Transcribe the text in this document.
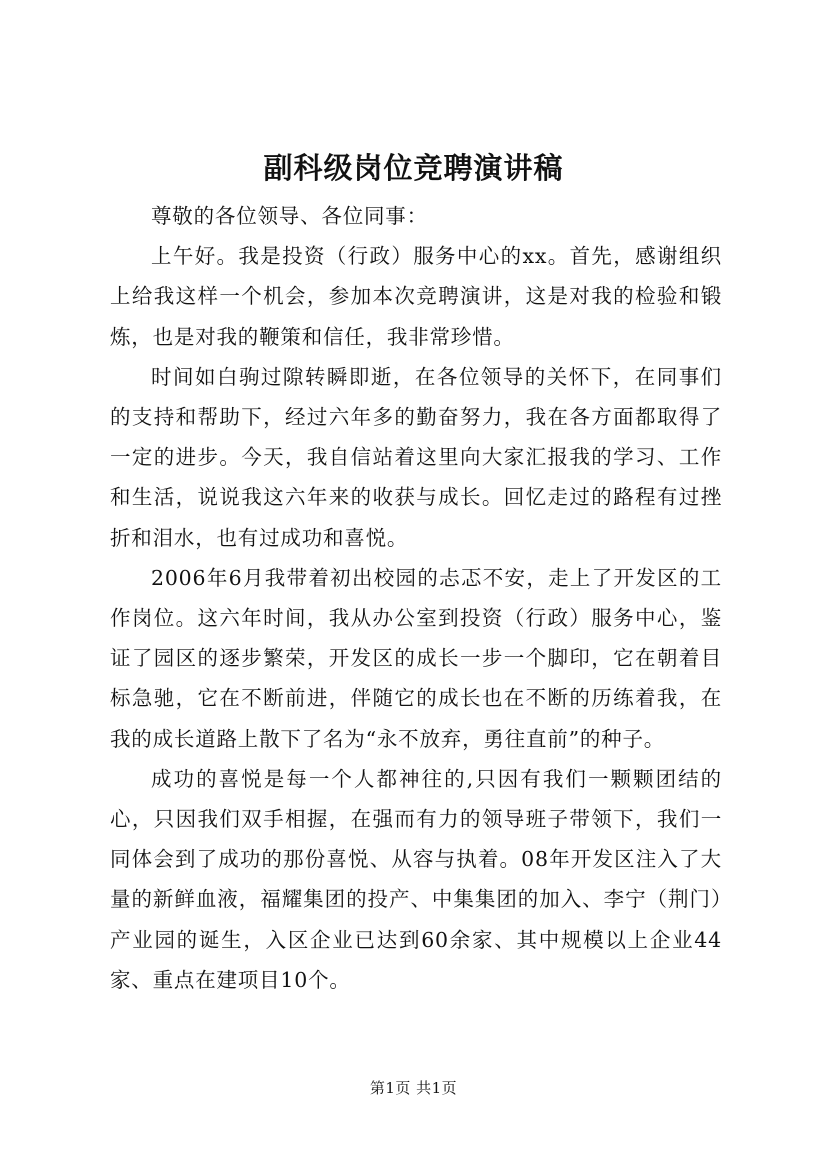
副科级岗位竞聘演讲稿

尊敬的各位领导、各位同事：

上午好。我是投资（行政）服务中心的xx。首先，感谢组织上给我这样一个机会，参加本次竞聘演讲，这是对我的检验和锻炼，也是对我的鞭策和信任，我非常珍惜。

时间如白驹过隙转瞬即逝，在各位领导的关怀下，在同事们的支持和帮助下，经过六年多的勤奋努力，我在各方面都取得了一定的进步。今天，我自信站着这里向大家汇报我的学习、工作和生活，说说我这六年来的收获与成长。回忆走过的路程有过挫折和泪水，也有过成功和喜悦。

2006年6月我带着初出校园的忐忑不安，走上了开发区的工作岗位。这六年时间，我从办公室到投资（行政）服务中心，鉴证了园区的逐步繁荣，开发区的成长一步一个脚印，它在朝着目标急驰，它在不断前进，伴随它的成长也在不断的历练着我，在我的成长道路上散下了名为“永不放弃，勇往直前”的种子。

成功的喜悦是每一个人都神往的,只因有我们一颗颗团结的心，只因我们双手相握，在强而有力的领导班子带领下，我们一同体会到了成功的那份喜悦、从容与执着。08年开发区注入了大量的新鲜血液，福耀集团的投产、中集集团的加入、李宁（荆门）产业园的诞生，入区企业已达到60余家、其中规模以上企业44家、重点在建项目10个。

第1页 共1页
